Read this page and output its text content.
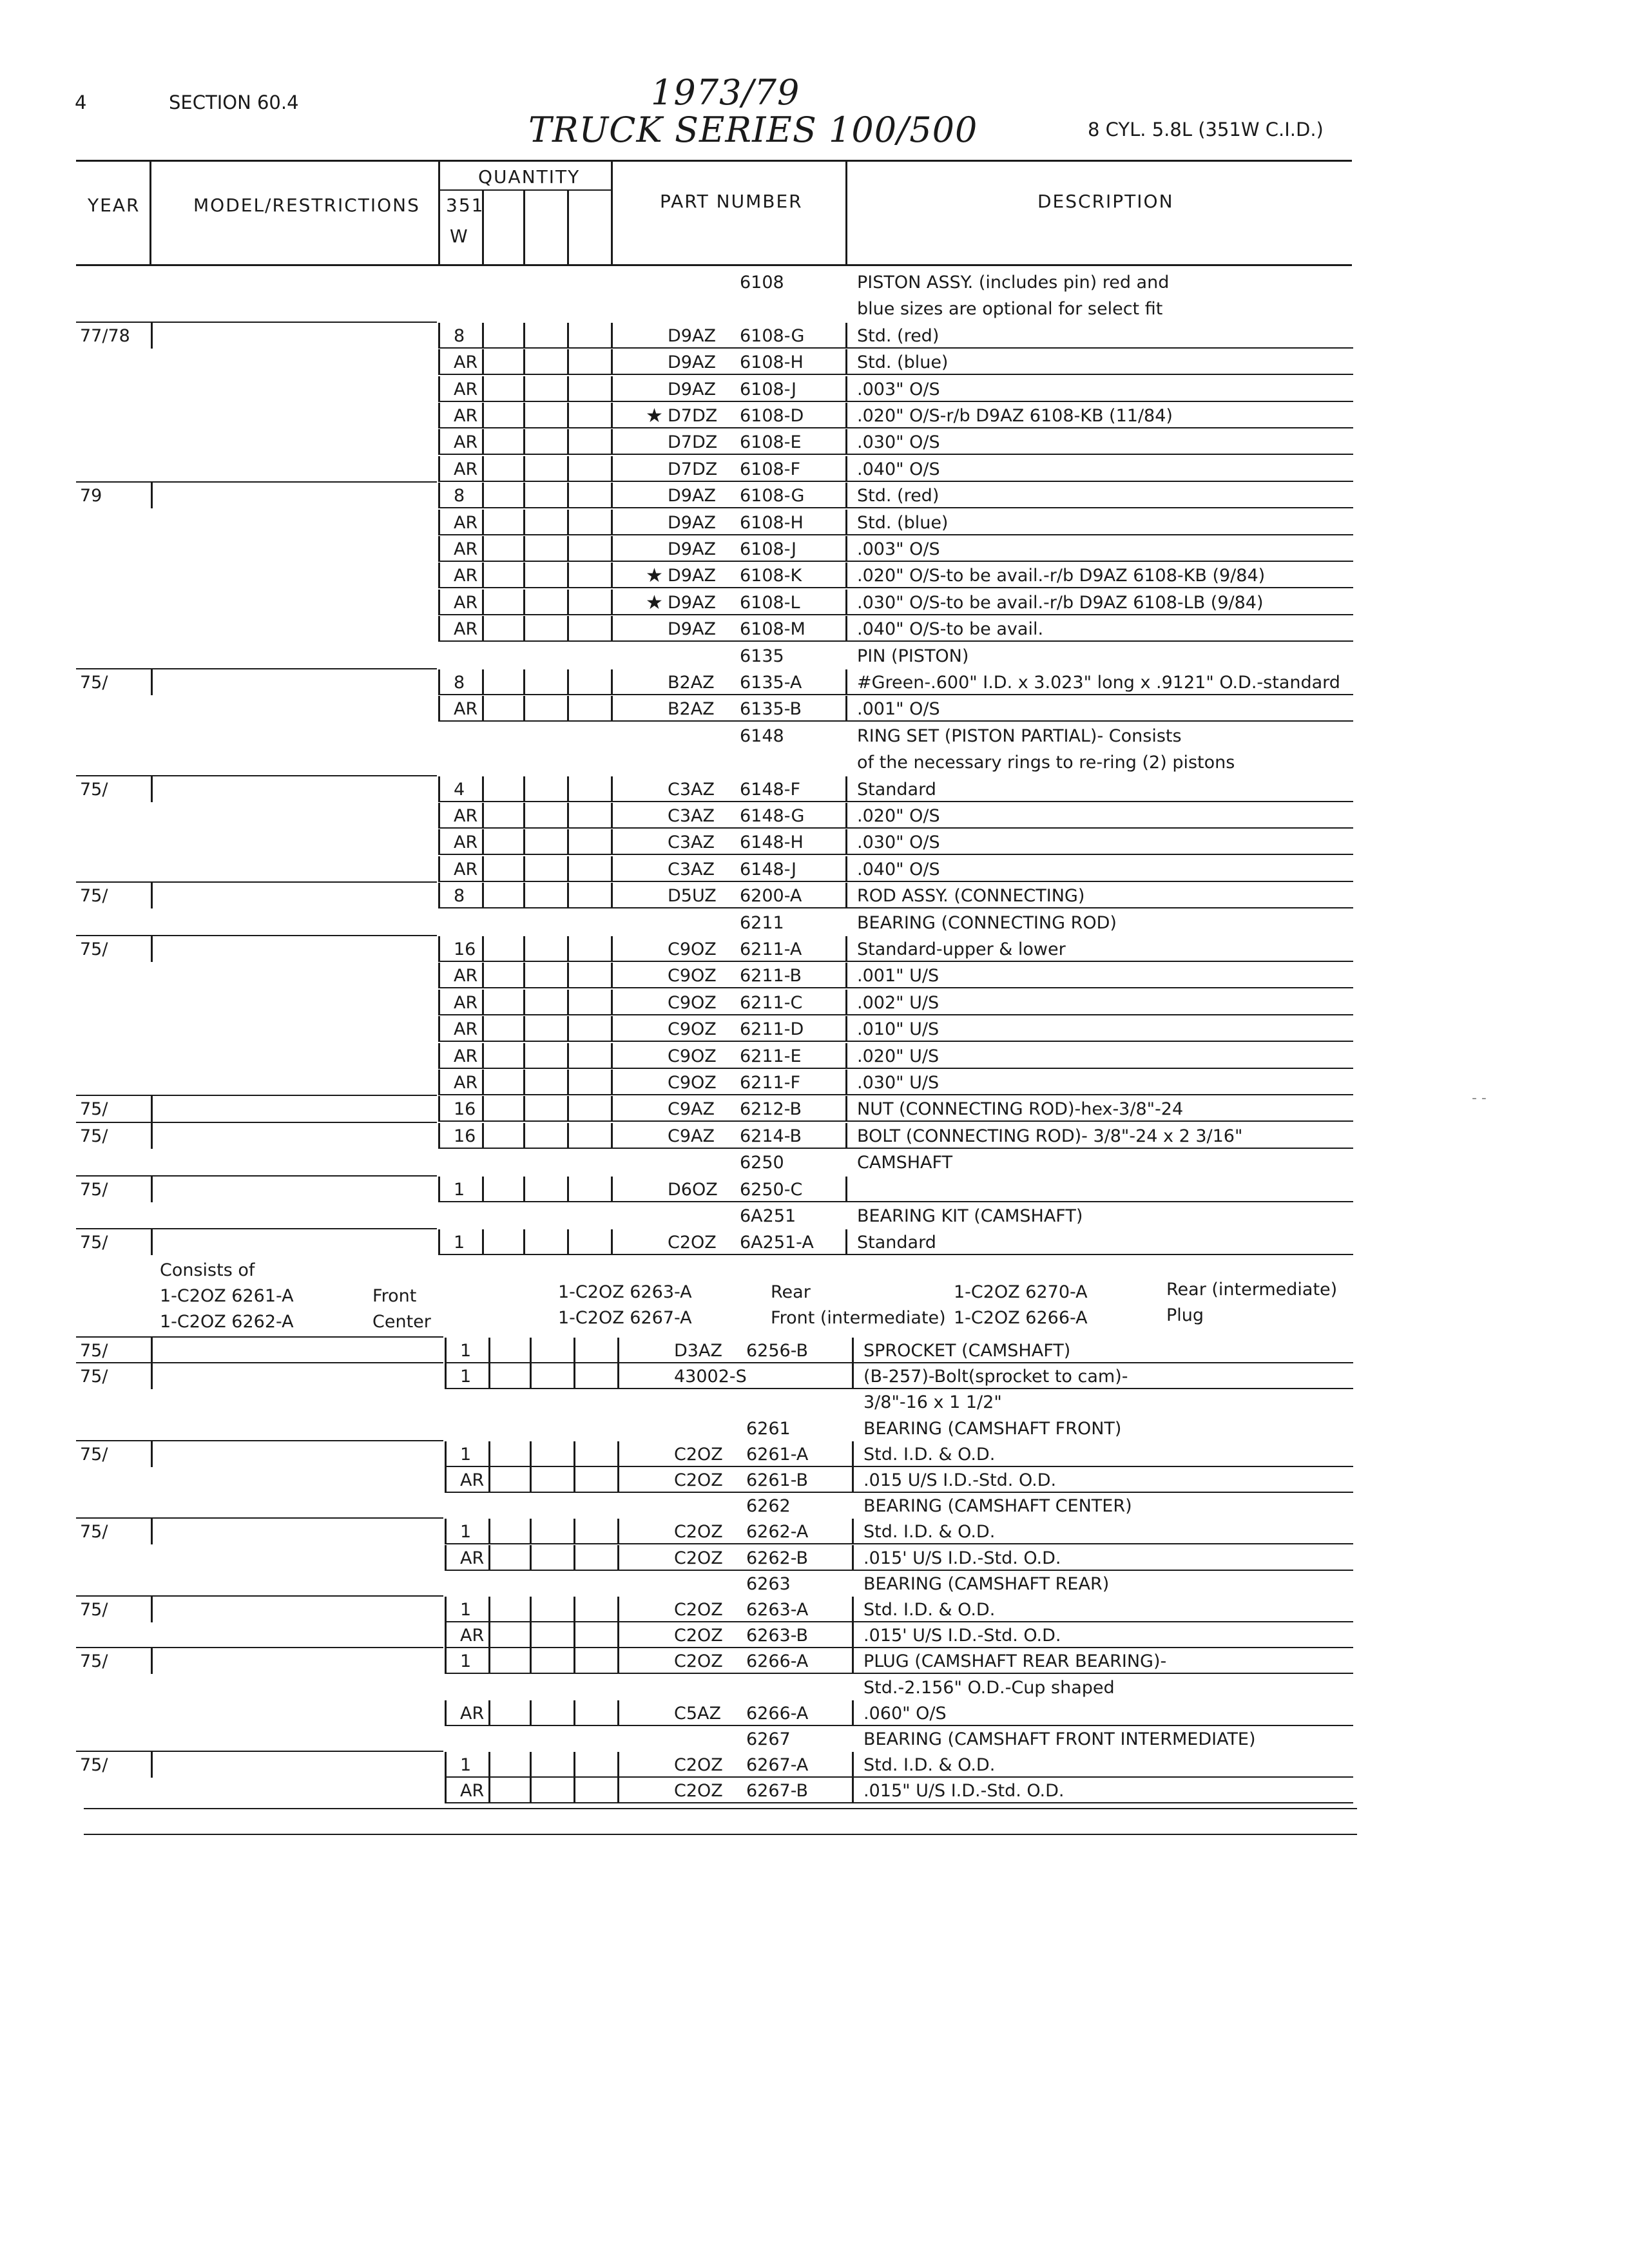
4	SECTION 60.4	1973/79
TRUCK SERIES 100/500	8 CYL. 5.8L (351W C.I.D.)
YEAR	MODEL/RESTRICTIONS
QUANTITY
351
W
PART NUMBER	DESCRIPTION
6108	PISTON ASSY. (includes pin) red and
blue sizes are optional for select fit
77/78	8	D9AZ 6108-G	Std. (red)
AR	D9AZ 6108-H	Std. (blue)
AR	D9AZ 6108-J	.003" O/S
AR	★ D7DZ 6108-D	.020" O/S-r/b D9AZ 6108-KB (11/84)
AR	D7DZ 6108-E	.030" O/S
AR	D7DZ 6108-F	.040" O/S
79	8	D9AZ 6108-G	Std. (red)
AR	D9AZ 6108-H	Std. (blue)
AR	D9AZ 6108-J	.003" O/S
AR	★ D9AZ 6108-K	.020" O/S-to be avail.-r/b D9AZ 6108-KB (9/84)
AR	★ D9AZ 6108-L	.030" O/S-to be avail.-r/b D9AZ 6108-LB (9/84)
AR	D9AZ 6108-M	.040" O/S-to be avail.
6135	PIN (PISTON)
75/	8	B2AZ 6135-A	#Green-.600" I.D. x 3.023" long x .9121" O.D.-standard
AR	B2AZ 6135-B	.001" O/S
6148	RING SET (PISTON PARTIAL)- Consists
of the necessary rings to re-ring (2) pistons
75/	4	C3AZ 6148-F	Standard
AR	C3AZ 6148-G	.020" O/S
AR	C3AZ 6148-H	.030" O/S
AR	C3AZ 6148-J	.040" O/S
75/	8	D5UZ 6200-A	ROD ASSY. (CONNECTING)
6211	BEARING (CONNECTING ROD)
75/	16	C9OZ 6211-A	Standard-upper & lower
AR	C9OZ 6211-B	.001" U/S
AR	C9OZ 6211-C	.002" U/S
AR	C9OZ 6211-D	.010" U/S
AR	C9OZ 6211-E	.020" U/S
AR	C9OZ 6211-F	.030" U/S
75/	16	C9AZ 6212-B	NUT (CONNECTING ROD)-hex-3/8"-24
75/	16	C9AZ 6214-B	BOLT (CONNECTING ROD)- 3/8"-24 x 2 3/16"
6250	CAMSHAFT
75/	1	D6OZ 6250-C
6A251	BEARING KIT (CAMSHAFT)
75/	1	C2OZ 6A251-A Standard
Consists of
1-C2OZ 6261-A	Front
1-C2OZ 6262-A	Center
1-C2OZ 6263-A	Rear
1-C2OZ 6267-A	Front (intermediate)
1-C2OZ 6270-A	Rear (intermediate)
1-C2OZ 6266-A	Plug
75/	1	D3AZ 6256-B	SPROCKET (CAMSHAFT)
75/	1	43002-S	(B-257)-Bolt(sprocket to cam)-
3/8"-16 x 1 1/2"
6261	BEARING (CAMSHAFT FRONT)
75/	1	C2OZ 6261-A	Std. I.D. & O.D.
AR	C2OZ 6261-B	.015 U/S I.D.-Std. O.D.
6262	BEARING (CAMSHAFT CENTER)
75/	1	C2OZ 6262-A	Std. I.D. & O.D.
AR	C2OZ 6262-B	.015' U/S I.D.-Std. O.D.
6263	BEARING (CAMSHAFT REAR)
75/	1	C2OZ 6263-A	Std. I.D. & O.D.
AR	C2OZ 6263-B	.015' U/S I.D.-Std. O.D.
75/	1	C2OZ 6266-A	PLUG (CAMSHAFT REAR BEARING)-
Std.-2.156" O.D.-Cup shaped
AR	C5AZ 6266-A	.060" O/S
6267	BEARING (CAMSHAFT FRONT INTERMEDIATE)
75/	1	C2OZ 6267-A	Std. I.D. & O.D.
AR	C2OZ 6267-B	.015" U/S I.D.-Std. O.D.
- -
